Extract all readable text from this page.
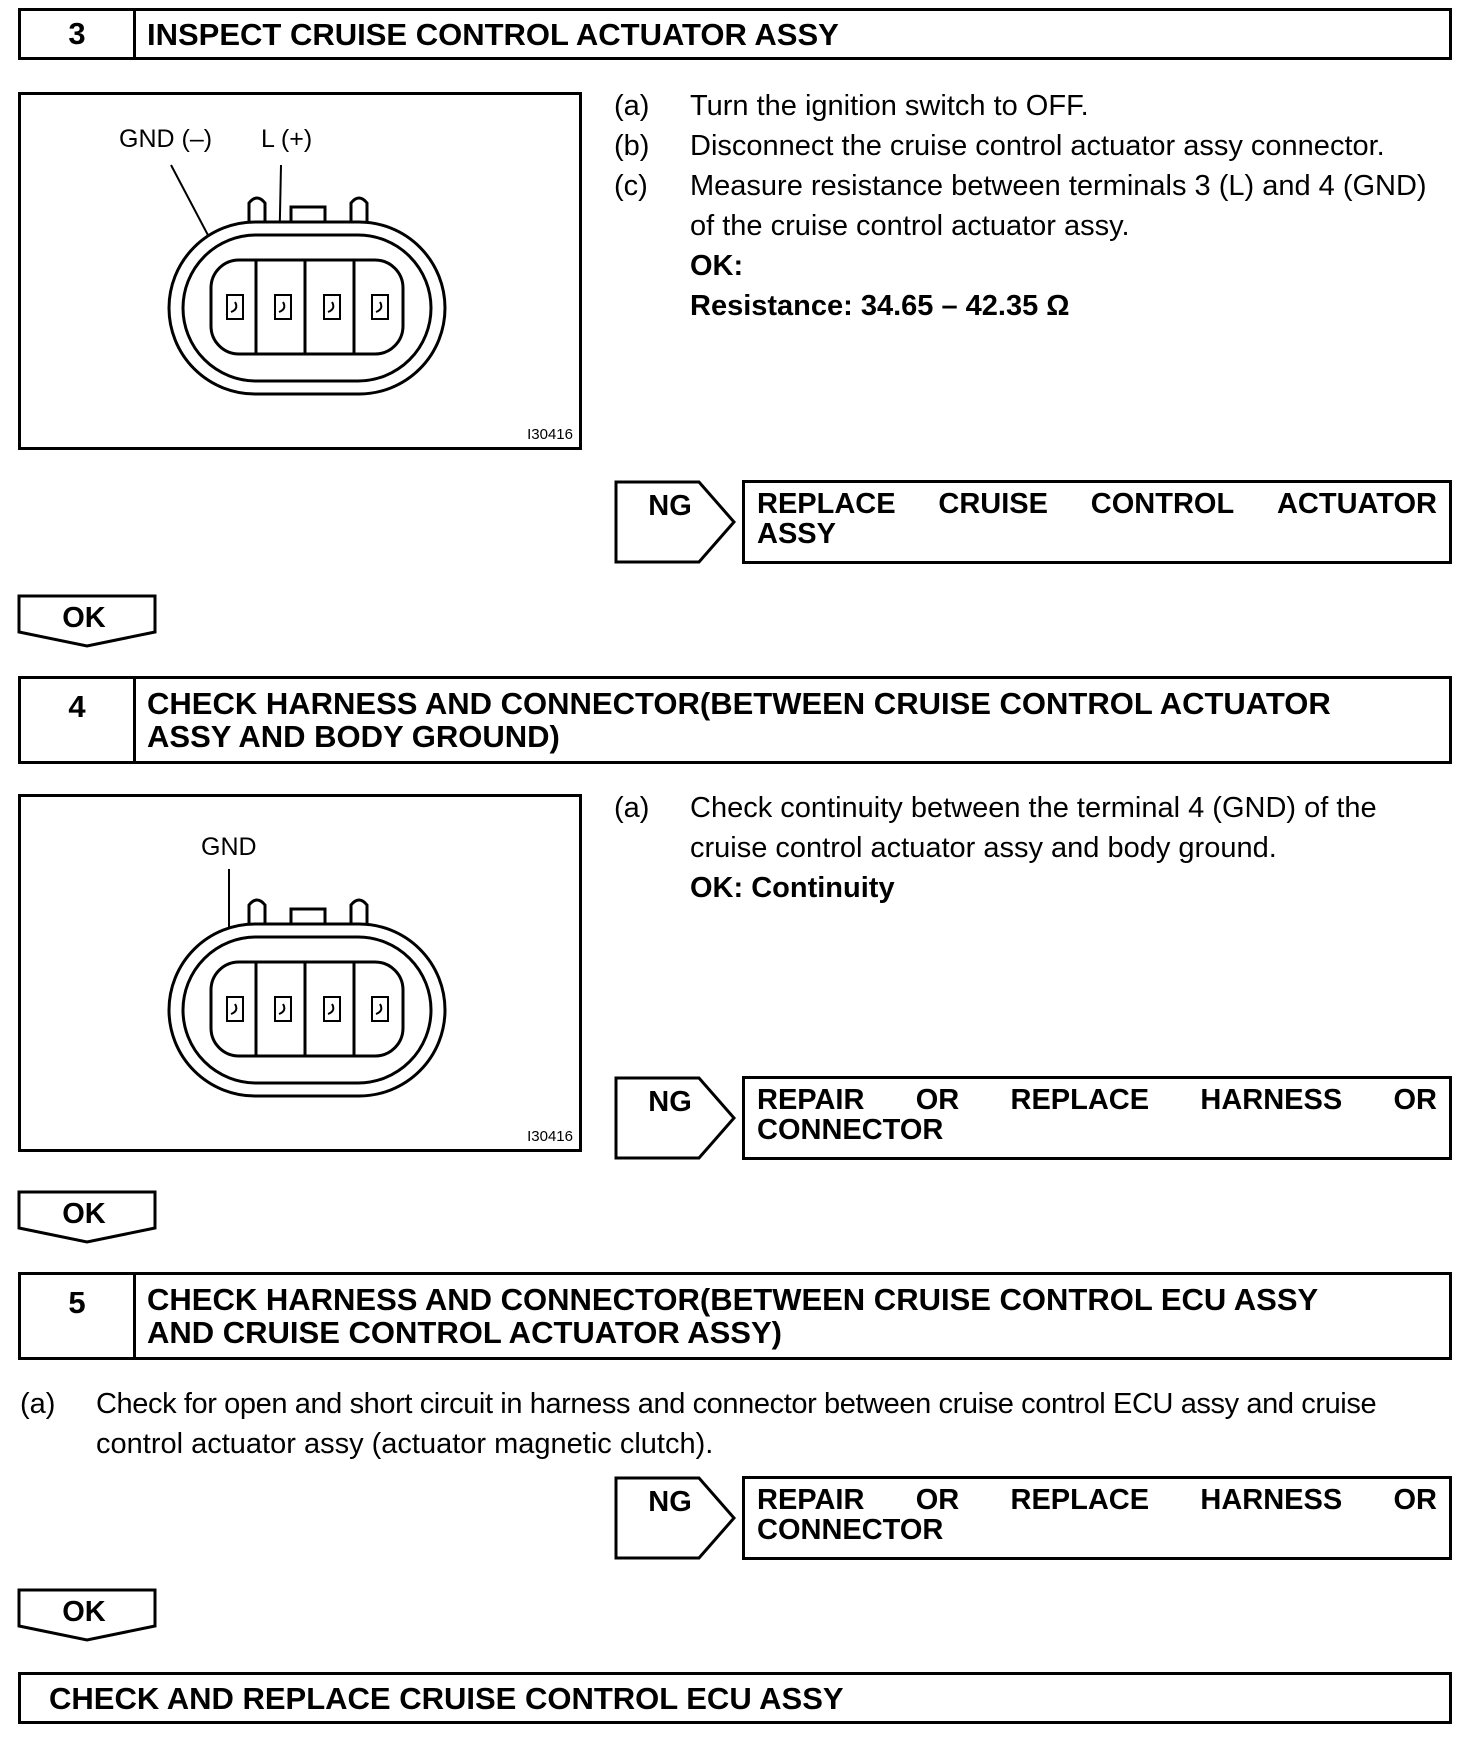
3	INSPECT CRUISE CONTROL ACTUATOR ASSY
GND (–) L (+)
I30416
(a) Turn the ignition switch to OFF.
(b) Disconnect the cruise control actuator assy connector.
(c) Measure resistance between terminals 3 (L) and 4 (GND)
of the cruise control actuator assy.
OK:
Resistance: 34.65 – 42.35 Ω
NG	REPLACE CRUISE CONTROL ACTUATOR
ASSY
OK
4	CHECK HARNESS AND CONNECTOR(BETWEEN CRUISE CONTROL ACTUATOR
ASSY AND BODY GROUND)
GND
I30416
(a) Check continuity between the terminal 4 (GND) of the
cruise control actuator assy and body ground.
OK: Continuity
NG	REPAIR OR REPLACE HARNESS OR
CONNECTOR
OK
5	CHECK HARNESS AND CONNECTOR(BETWEEN CRUISE CONTROL ECU ASSY
AND CRUISE CONTROL ACTUATOR ASSY)
(a) Check for open and short circuit in harness and connector between cruise control ECU assy and cruise
control actuator assy (actuator magnetic clutch).
NG	REPAIR OR REPLACE HARNESS OR
CONNECTOR
OK
CHECK AND REPLACE CRUISE CONTROL ECU ASSY
